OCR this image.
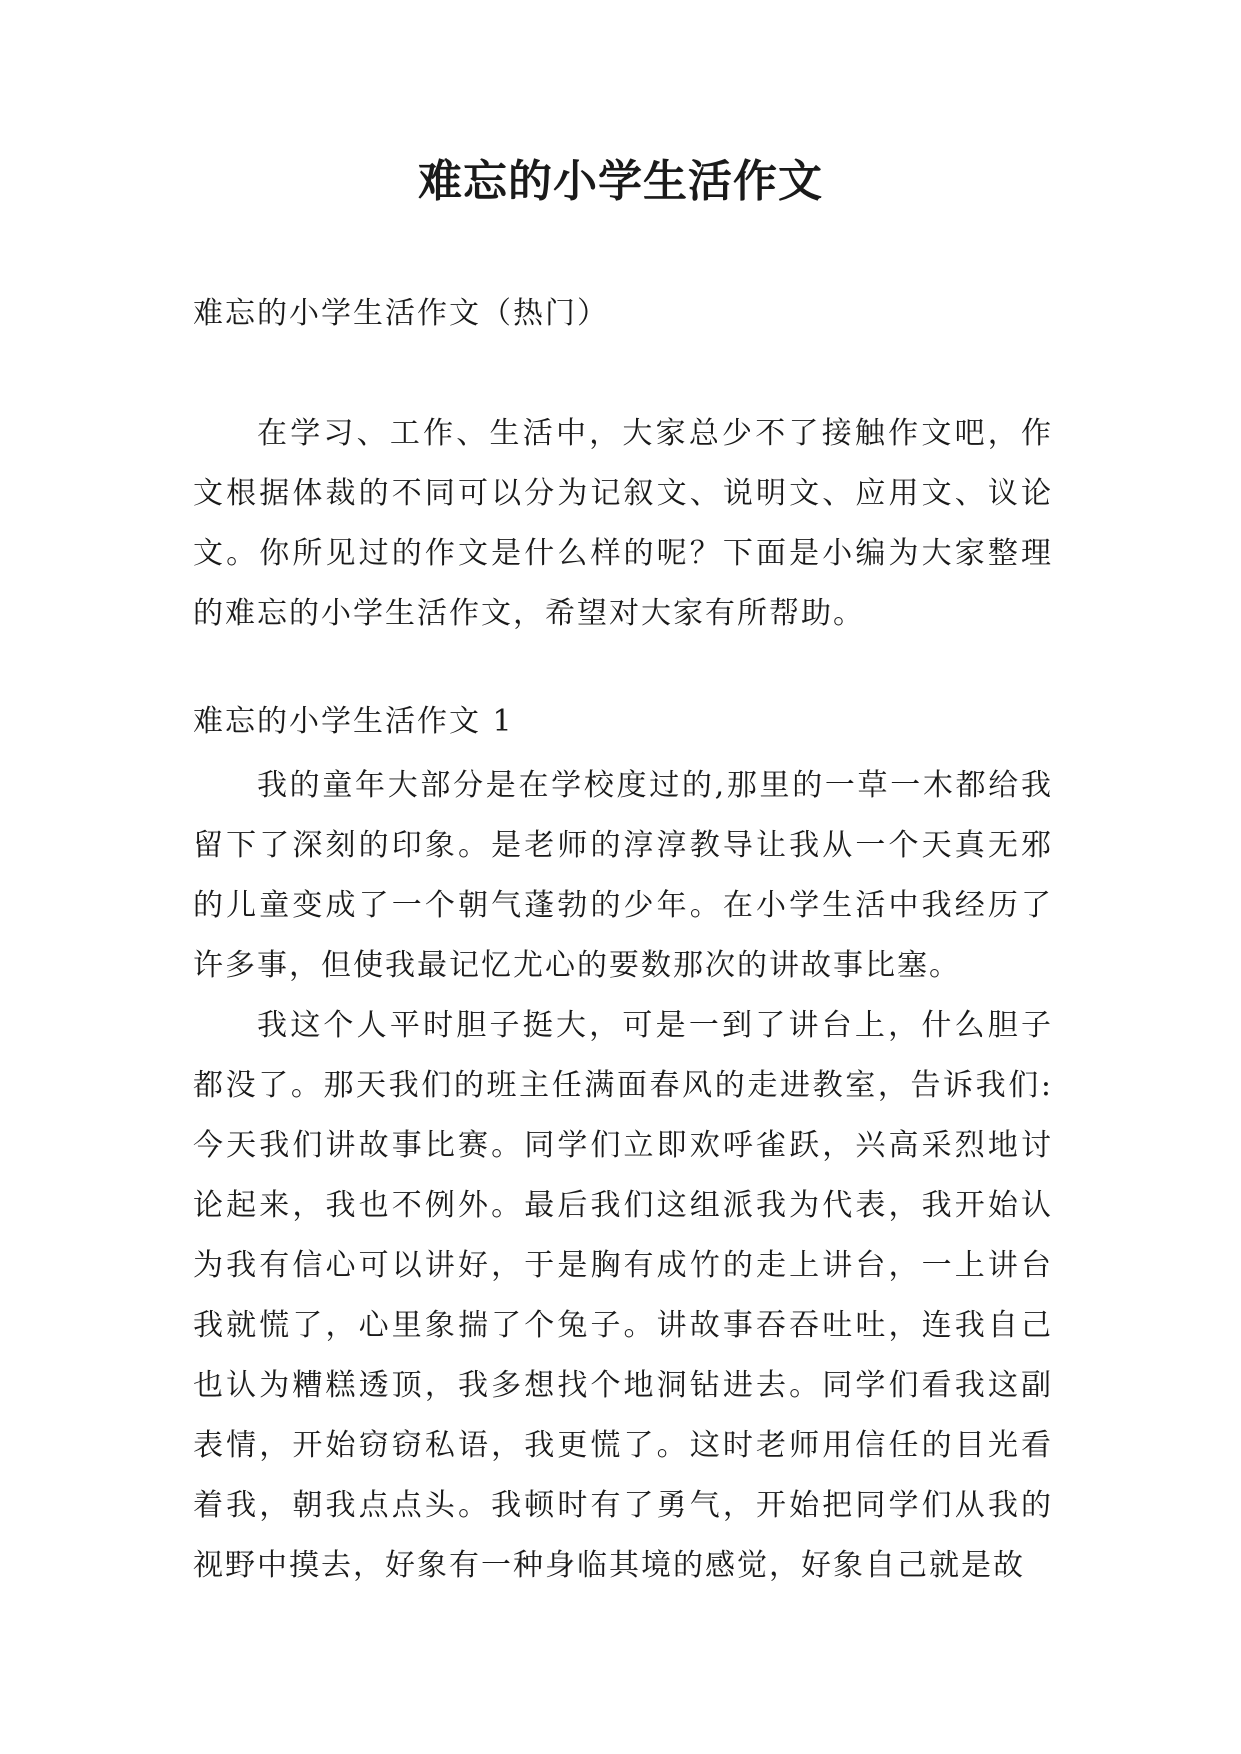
难忘的小学生活作文
难忘的小学生活作文（热门）

在学习、工作、生活中，大家总少不了接触作文吧，作文根据体裁的不同可以分为记叙文、说明文、应用文、议论文。你所见过的作文是什么样的呢？下面是小编为大家整理的难忘的小学生活作文，希望对大家有所帮助。

难忘的小学生活作文 1

我的童年大部分是在学校度过的,那里的一草一木都给我留下了深刻的印象。是老师的淳淳教导让我从一个天真无邪的儿童变成了一个朝气蓬勃的少年。在小学生活中我经历了许多事，但使我最记忆尤心的要数那次的讲故事比塞。

我这个人平时胆子挺大，可是一到了讲台上，什么胆子都没了。那天我们的班主任满面春风的走进教室，告诉我们:今天我们讲故事比赛。同学们立即欢呼雀跃，兴高采烈地讨论起来，我也不例外。最后我们这组派我为代表，我开始认为我有信心可以讲好，于是胸有成竹的走上讲台，一上讲台我就慌了，心里象揣了个兔子。讲故事吞吞吐吐，连我自己也认为糟糕透顶，我多想找个地洞钻进去。同学们看我这副表情，开始窃窃私语，我更慌了。这时老师用信任的目光看着我，朝我点点头。我顿时有了勇气，开始把同学们从我的视野中摸去，好象有一种身临其境的感觉，好象自己就是故
